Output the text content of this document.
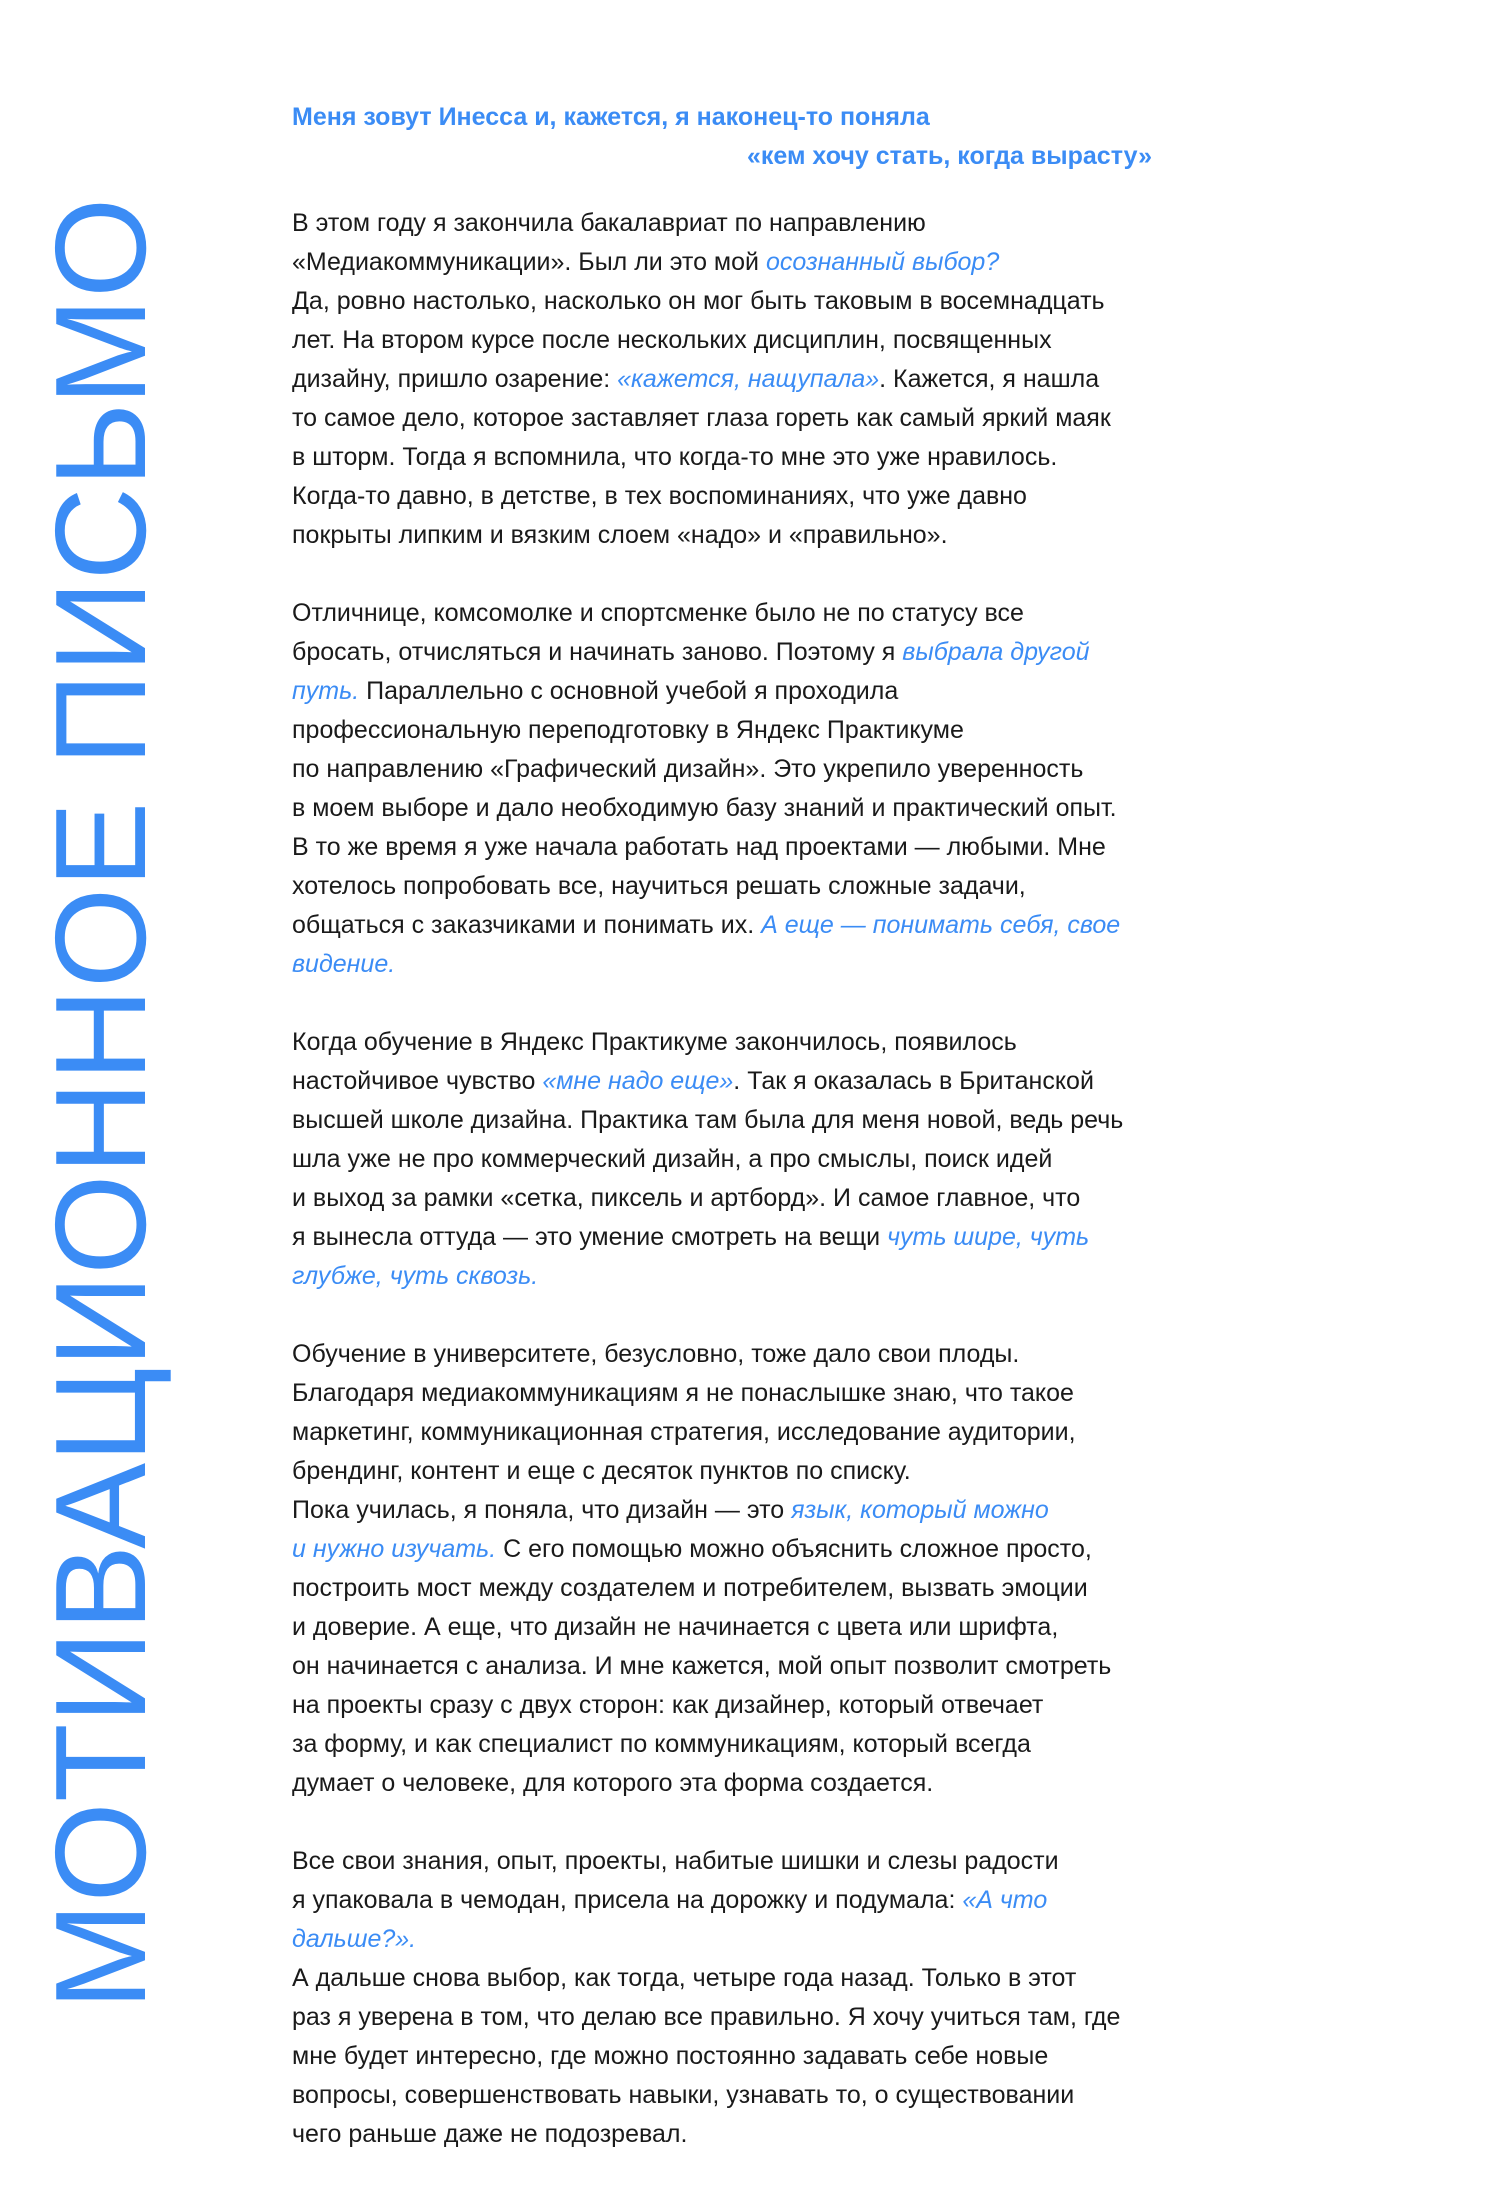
МОТИВАЦИОННОЕ ПИСЬМО
Меня зовут Инесса и, кажется, я наконец-то поняла
«кем хочу стать, когда вырасту»
В этом году я закончила бакалавриат по направлению
«Медиакоммуникации». Был ли это мой осознанный выбор?
Да, ровно настолько, насколько он мог быть таковым в восемнадцать
лет. На втором курсе после нескольких дисциплин, посвященных
дизайну, пришло озарение: «кажется, нащупала». Кажется, я нашла
то самое дело, которое заставляет глаза гореть как самый яркий маяк
в шторм. Тогда я вспомнила, что когда-то мне это уже нравилось.
Когда-то давно, в детстве, в тех воспоминаниях, что уже давно
покрыты липким и вязким слоем «надо» и «правильно».
Отличнице, комсомолке и спортсменке было не по статусу все
бросать, отчисляться и начинать заново. Поэтому я выбрала другой
путь. Параллельно с основной учебой я проходила
профессиональную переподготовку в Яндекс Практикуме
по направлению «Графический дизайн». Это укрепило уверенность
в моем выборе и дало необходимую базу знаний и практический опыт.
В то же время я уже начала работать над проектами — любыми. Мне
хотелось попробовать все, научиться решать сложные задачи,
общаться с заказчиками и понимать их. А еще — понимать себя, свое
видение.
Когда обучение в Яндекс Практикуме закончилось, появилось
настойчивое чувство «мне надо еще». Так я оказалась в Британской
высшей школе дизайна. Практика там была для меня новой, ведь речь
шла уже не про коммерческий дизайн, а про смыслы, поиск идей
и выход за рамки «сетка, пиксель и артборд». И самое главное, что
я вынесла оттуда — это умение смотреть на вещи чуть шире, чуть
глубже, чуть сквозь.
Обучение в университете, безусловно, тоже дало свои плоды.
Благодаря медиакоммуникациям я не понаслышке знаю, что такое
маркетинг, коммуникационная стратегия, исследование аудитории,
брендинг, контент и еще с десяток пунктов по списку.
Пока училась, я поняла, что дизайн — это язык, который можно
и нужно изучать. С его помощью можно объяснить сложное просто,
построить мост между создателем и потребителем, вызвать эмоции
и доверие. А еще, что дизайн не начинается с цвета или шрифта,
он начинается с анализа. И мне кажется, мой опыт позволит смотреть
на проекты сразу с двух сторон: как дизайнер, который отвечает
за форму, и как специалист по коммуникациям, который всегда
думает о человеке, для которого эта форма создается.
Все свои знания, опыт, проекты, набитые шишки и слезы радости
я упаковала в чемодан, присела на дорожку и подумала: «А что
дальше?».
А дальше снова выбор, как тогда, четыре года назад. Только в этот
раз я уверена в том, что делаю все правильно. Я хочу учиться там, где
мне будет интересно, где можно постоянно задавать себе новые
вопросы, совершенствовать навыки, узнавать то, о существовании
чего раньше даже не подозревал.
